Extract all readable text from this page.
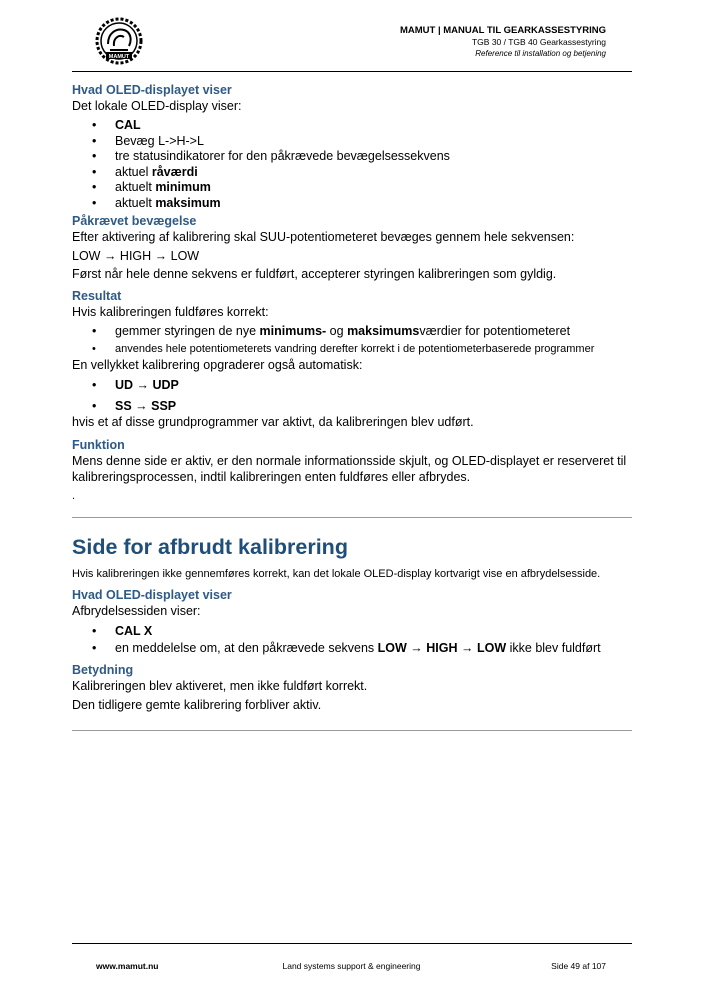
MAMUT
MAMUT | MANUAL TIL GEARKASSESTYRING
TGB 30 / TGB 40 Gearkassestyring
Reference til installation og betjening
Hvad OLED-displayet viser
Det lokale OLED-display viser:
• CAL
• Bevæg L->H->L
• tre statusindikatorer for den påkrævede bevægelsessekvens
• aktuel råværdi
• aktuelt minimum
• aktuelt maksimum
Påkrævet bevægelse
Efter aktivering af kalibrering skal SUU-potentiometeret bevæges gennem hele sekvensen:
LOW → HIGH → LOW
Først når hele denne sekvens er fuldført, accepterer styringen kalibreringen som gyldig.
Resultat
Hvis kalibreringen fuldføres korrekt:
• gemmer styringen de nye minimums- og maksimumsværdier for potentiometeret
• anvendes hele potentiometerets vandring derefter korrekt i de potentiometerbaserede programmer
En vellykket kalibrering opgraderer også automatisk:
• UD → UDP
• SS → SSP
hvis et af disse grundprogrammer var aktivt, da kalibreringen blev udført.
Funktion
Mens denne side er aktiv, er den normale informationsside skjult, og OLED-displayet er reserveret til kalibreringsprocessen, indtil kalibreringen enten fuldføres eller afbrydes.
.
Side for afbrudt kalibrering
Hvis kalibreringen ikke gennemføres korrekt, kan det lokale OLED-display kortvarigt vise en afbrydelsesside.
Hvad OLED-displayet viser
Afbrydelsessiden viser:
• CAL X
• en meddelelse om, at den påkrævede sekvens LOW → HIGH → LOW ikke blev fuldført
Betydning
Kalibreringen blev aktiveret, men ikke fuldført korrekt.
Den tidligere gemte kalibrering forbliver aktiv.
www.mamut.nu	Land systems support & engineering	Side 49 af 107
